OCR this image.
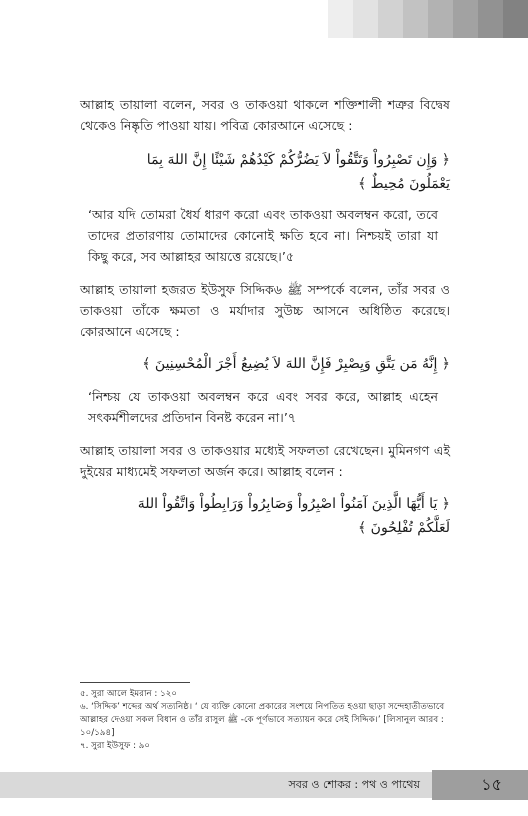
আল্লাহ তায়ালা বলেন, সবর ও তাকওয়া থাকলে শক্তিশালী শত্রুর বিদ্বেষ থেকেও নিষ্কৃতি পাওয়া যায়। পবিত্র কোরআনে এসেছে :

﴿ وَإِن تَصْبِرُواْ وَتَتَّقُواْ لاَ يَضُرُّكُمْ كَيْدُهُمْ شَيْئًا إِنَّ اللهَ بِمَا

يَعْمَلُونَ مُحِيطٌ ﴾

‘আর যদি তোমরা ধৈর্য ধারণ করো এবং তাকওয়া অবলম্বন করো, তবে তাদের প্রতারণায় তোমাদের কোনোই ক্ষতি হবে না। নিশ্চয়ই তারা যা কিছু করে, সব আল্লাহর আয়ত্তে রয়েছে।’৫

আল্লাহ তায়ালা হজরত ইউসুফ সিদ্দিক৬ ﷺ সম্পর্কে বলেন, তাঁর সবর ও তাকওয়া তাঁকে ক্ষমতা ও মর্যাদার সুউচ্চ আসনে অধিষ্ঠিত করেছে। কোরআনে এসেছে :

﴿ إِنَّهُ مَن يَتَّقِ وَيِصْبِرْ فَإِنَّ اللهَ لاَ يُضِيعُ أَجْرَ الْمُحْسِنِينَ ﴾

‘নিশ্চয় যে তাকওয়া অবলম্বন করে এবং সবর করে, আল্লাহ এহেন সৎকর্মশীলদের প্রতিদান বিনষ্ট করেন না।’৭

আল্লাহ তায়ালা সবর ও তাকওয়ার মধ্যেই সফলতা রেখেছেন। মুমিনগণ এই দুইয়ের মাধ্যমেই সফলতা অর্জন করে। আল্লাহ বলেন :

﴿ يَا أَيُّهَا الَّذِينَ آمَنُواْ اصْبِرُواْ وَصَابِرُواْ وَرَابِطُواْ وَاتَّقُواْ اللهَ

لَعَلَّكُمْ تُفْلِحُونَ ﴾

৫. সুরা আলে ইমরান : ১২০
৬. ‘সিদ্দিক’ শব্দের অর্থ সত্যনিষ্ঠ। ‘ যে ব্যক্তি কোনো প্রকারের সংশয়ে নিপতিত হওয়া ছাড়া সন্দেহাতীতভাবে আল্লাহর দেওয়া সকল বিধান ও তাঁর রাসুল ﷺ -কে পূর্ণভাবে সত্যায়ন করে সেই সিদ্দিক।’ [লিসানুল আরব : ১০/১৯৪]
৭. সুরা ইউসুফ : ৯০
সবর ও শোকর : পথ ও পাথেয়	১৫
